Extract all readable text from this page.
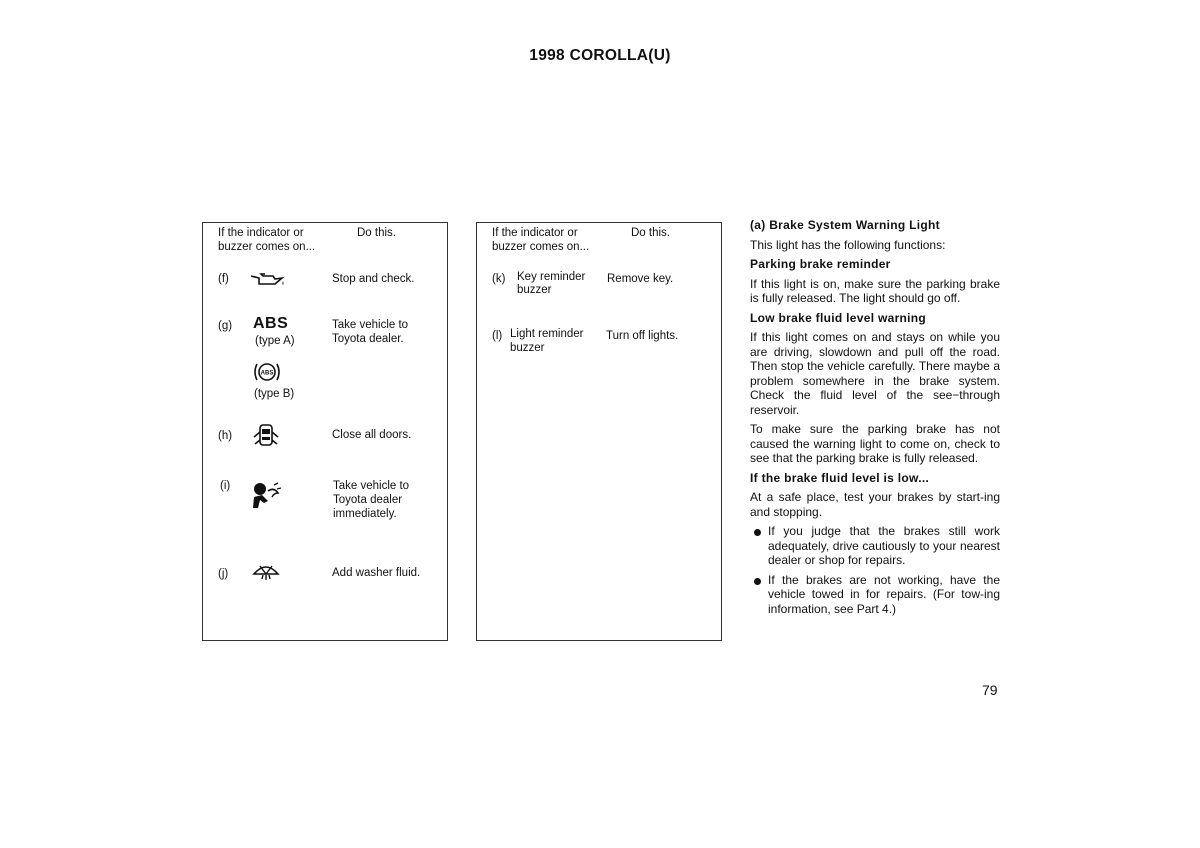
1998 COROLLA(U)
If the indicator or
buzzer comes on...
Do this.
(f)	Stop and check.
(g) ABS
(type A)
ABS
(type B)
Take vehicle to
Toyota dealer.
(h)	Close all doors.
(i)	Take vehicle to
Toyota dealer
immediately.
(j)	Add washer fluid.
If the indicator or
buzzer comes on...
Do this.
(k) Key reminder
buzzer
Remove key.
(l) Light reminder
buzzer
Turn off lights.

(a) Brake System Warning Light

This light has the following functions:

Parking brake reminder

If this light is on, make sure the parking brake is fully released. The light should go off.

Low brake fluid level warning

If this light comes on and stays on while you are driving, slowdown and pull off the road. Then stop the vehicle carefully. There maybe a problem somewhere in the brake system. Check the fluid level of the see−through reservoir.

To make sure the parking brake has not caused the warning light to come on, check to see that the parking brake is fully released.

If the brake fluid level is low...

At a safe place, test your brakes by start-ing and stopping.

If you judge that the brakes still work adequately, drive cautiously to your nearest dealer or shop for repairs.

If the brakes are not working, have the vehicle towed in for repairs. (For tow-ing information, see Part 4.)

79
